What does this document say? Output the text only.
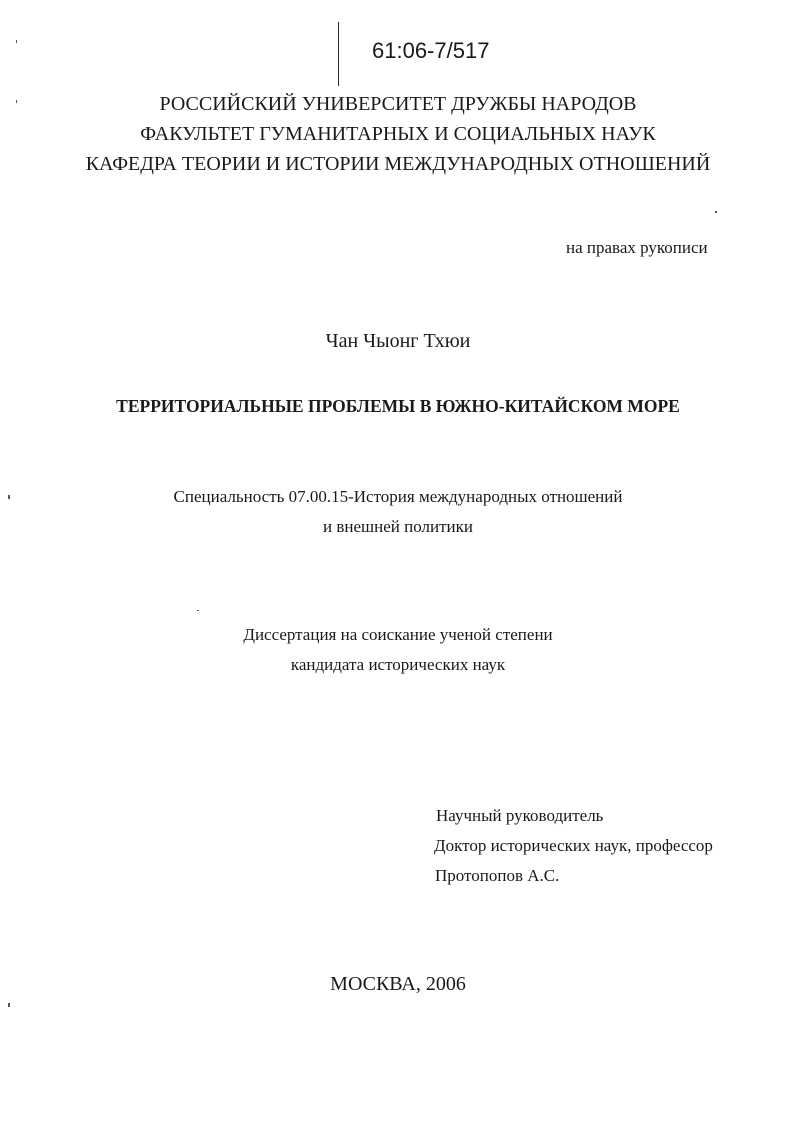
61:06-7/517
РОССИЙСКИЙ УНИВЕРСИТЕТ ДРУЖБЫ НАРОДОВ
ФАКУЛЬТЕТ ГУМАНИТАРНЫХ И СОЦИАЛЬНЫХ НАУК
КАФЕДРА ТЕОРИИ И ИСТОРИИ МЕЖДУНАРОДНЫХ ОТНОШЕНИЙ
на правах рукописи
Чан Чыонг Тхюи
ТЕРРИТОРИАЛЬНЫЕ ПРОБЛЕМЫ В ЮЖНО-КИТАЙСКОМ МОРЕ
Специальность 07.00.15-История международных отношений
и внешней политики
Диссертация на соискание ученой степени
кандидата исторических наук
Научный руководитель
Доктор исторических наук, профессор
Протопопов А.С.
МОСКВА, 2006
